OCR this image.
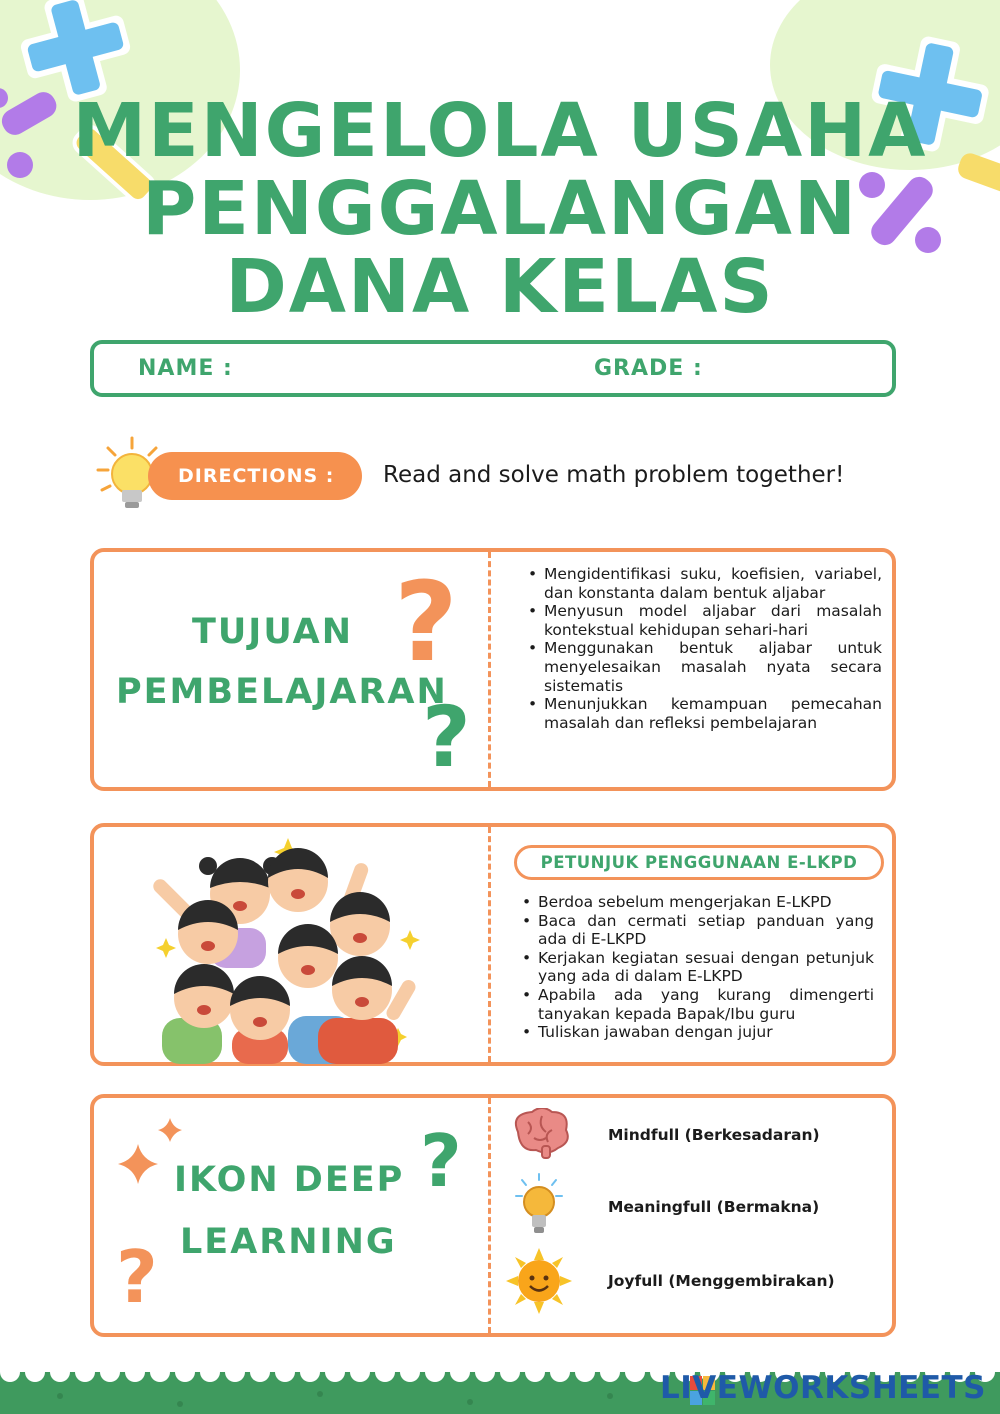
MENGELOLA USAHA
PENGGALANGAN
DANA KELAS
NAME :	GRADE :
DIRECTIONS :	Read and solve math problem together!
TUJUAN
PEMBELAJARAN
?
?
• Mengidentifikasi suku, koefisien, variabel, dan konstanta dalam bentuk aljabar
• Menyusun model aljabar dari masalah kontekstual kehidupan sehari-hari
• Menggunakan bentuk aljabar untuk menyelesaikan masalah nyata secara sistematis
• Menunjukkan kemampuan pemecahan masalah dan refleksi pembelajaran
PETUNJUK PENGGUNAAN E-LKPD
• Berdoa sebelum mengerjakan E-LKPD
• Baca dan cermati setiap panduan yang ada di E-LKPD
• Kerjakan kegiatan sesuai dengan petunjuk yang ada di dalam E-LKPD
• Apabila ada yang kurang dimengerti tanyakan kepada Bapak/Ibu guru
• Tuliskan jawaban dengan jujur
?
?
IKON DEEP
LEARNING
Mindfull (Berkesadaran)
Meaningfull (Bermakna)
Joyfull (Menggembirakan)
LIVEWORKSHEETS
